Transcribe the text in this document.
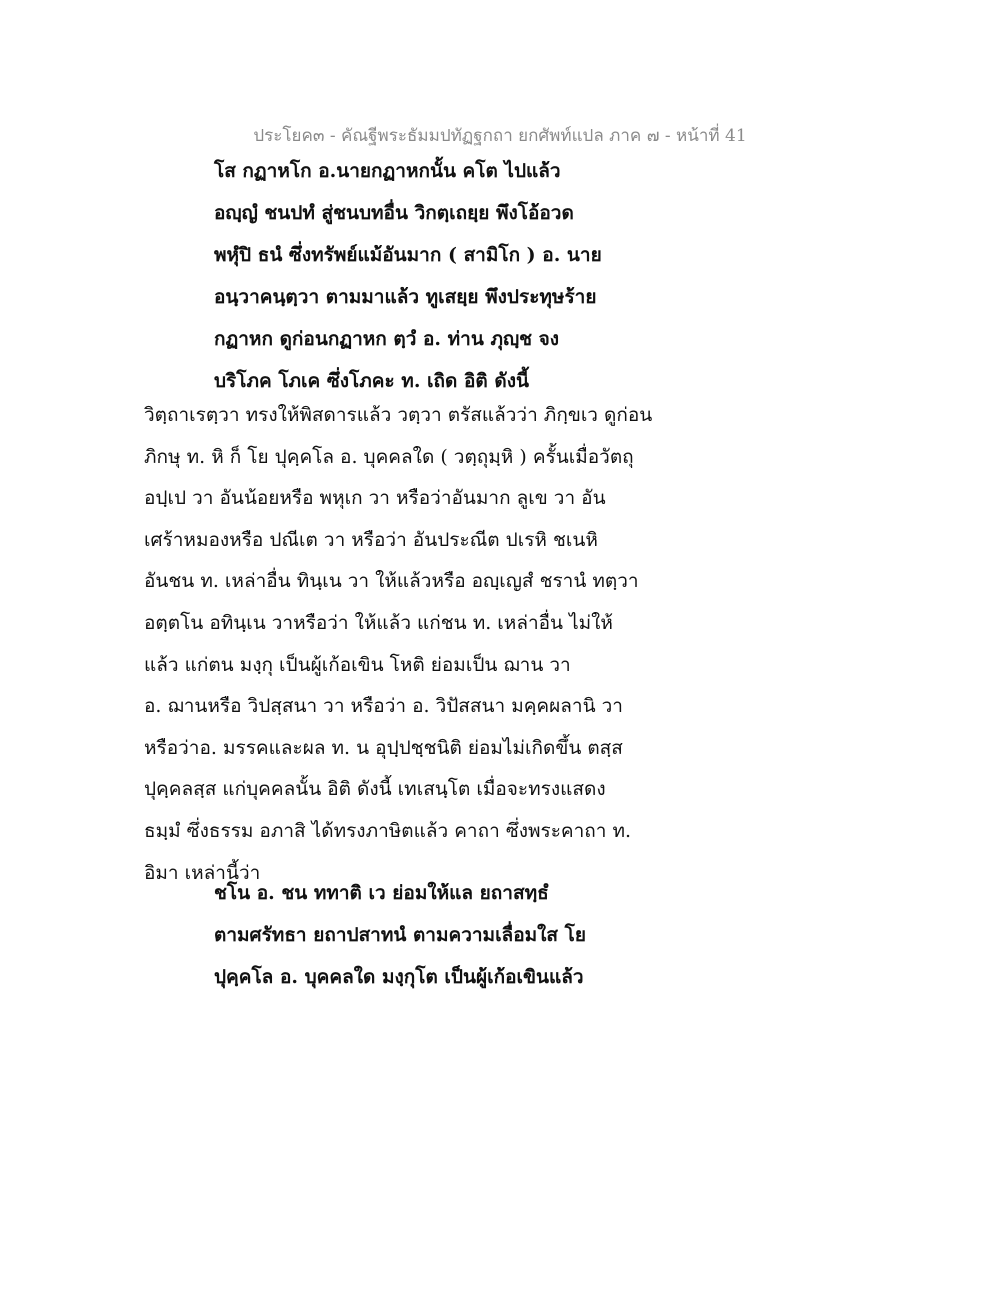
ประโยค๓ - คัณฐีพระธัมมปทัฏฐกถา ยกศัพท์แปล ภาค ๗ - หน้าที่ 41
โส กฏาหโก อ.นายกฏาหกนั้น คโต ไปแล้ว
อญฺญํ ชนปทํ สู่ชนบทอื่น วิกตฺเถยฺย พึงโอ้อวด
พหุํปิ ธนํ ซึ่งทรัพย์แม้อันมาก ( สามิโก ) อ. นาย
อนฺวาคนฺตฺวา ตามมาแล้ว ทูเสยฺย พึงประทุษร้าย
กฏาหก ดูก่อนกฏาหก ตฺวํ อ. ท่าน ภุญฺช จง
บริโภค โภเค ซึ่งโภคะ ท. เถิด อิติ ดังนี้
วิตฺถาเรตฺวา ทรงให้พิสดารแล้ว วตฺวา ตรัสแล้วว่า ภิกฺขเว ดูก่อน
ภิกษุ ท. หิ ก็ โย ปุคฺคโล อ. บุคคลใด ( วตฺถุมฺหิ ) ครั้นเมื่อวัตถุ
อปฺเป วา อันน้อยหรือ พหุเก วา หรือว่าอันมาก ลูเข วา อัน
เศร้าหมองหรือ ปณีเต วา หรือว่า อันประณีต ปเรหิ ชเนหิ
อันชน ท. เหล่าอื่น ทินฺเน วา ให้แล้วหรือ อญฺเญสํ ชรานํ ทตฺวา
อตฺตโน อทินฺเน วาหรือว่า ให้แล้ว แก่ชน ท. เหล่าอื่น ไม่ให้
แล้ว แก่ตน มงฺกุ เป็นผู้เก้อเขิน โหติ ย่อมเป็น ฌาน วา
อ. ฌานหรือ วิปสฺสนา วา หรือว่า อ. วิปัสสนา มคฺคผลานิ วา
หรือว่าอ. มรรคและผล ท. น อุปฺปชฺชนิติ ย่อมไม่เกิดขึ้น ตสฺส
ปุคฺคลสฺส แก่บุคคลนั้น อิติ ดังนี้ เทเสนฺโต เมื่อจะทรงแสดง
ธมฺมํ ซึ่งธรรม อภาสิ ได้ทรงภาษิตแล้ว คาถา ซึ่งพระคาถา ท.
อิมา เหล่านี้ว่า
ชโน อ. ชน ททาติ เว ย่อมให้แล ยถาสทฺธํ
ตามศรัทธา ยถาปสาทนํ ตามความเลื่อมใส โย
ปุคฺคโล อ. บุคคลใด มงฺกุโต เป็นผู้เก้อเขินแล้ว
